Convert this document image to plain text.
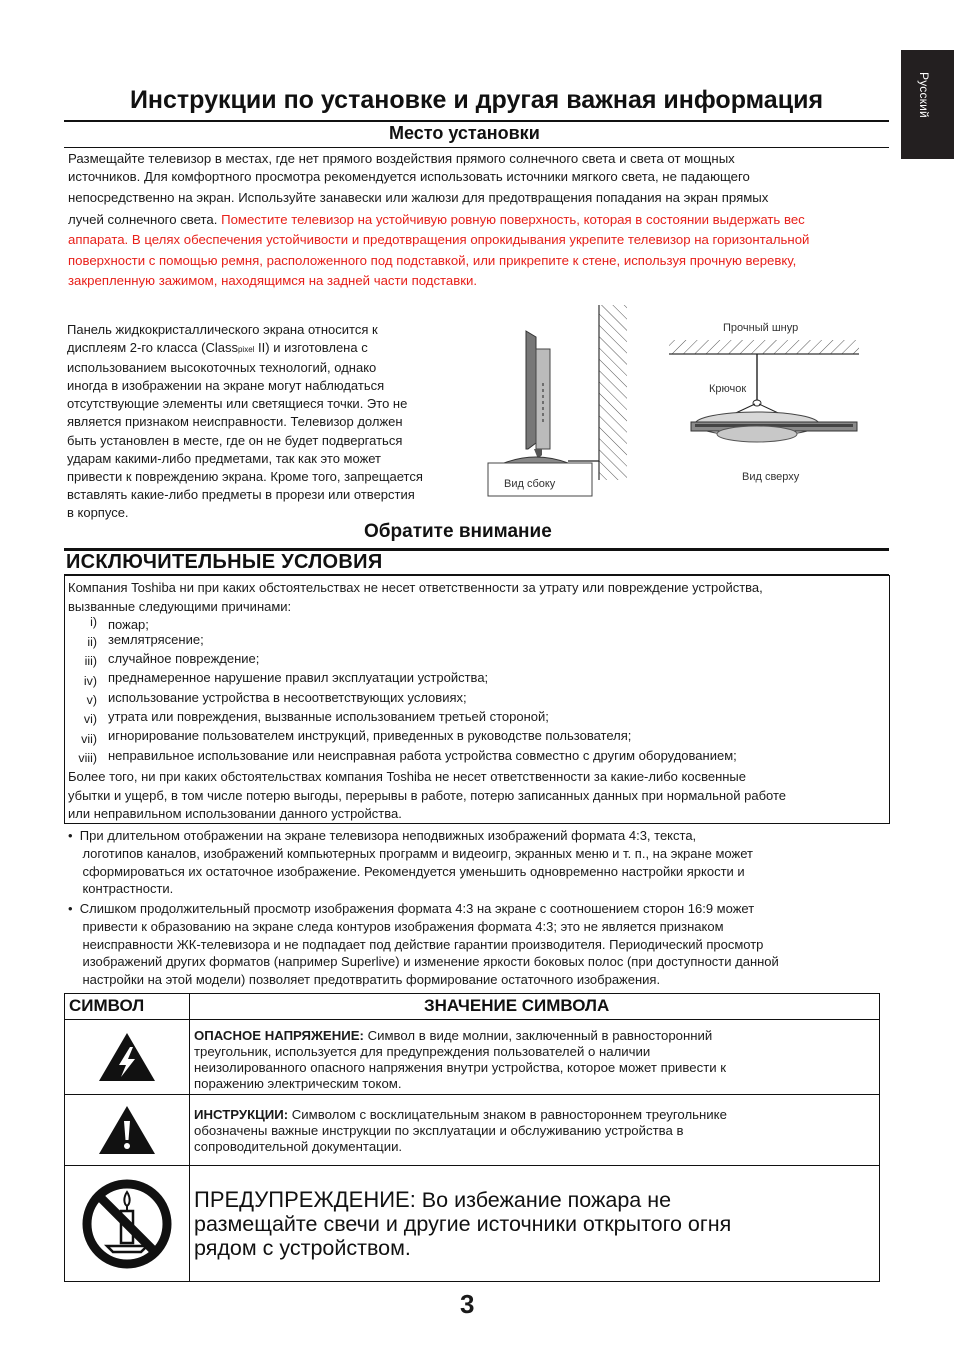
Русский
Инструкции по установке и другая важная информация
Место установки
Размещайте телевизор в местах, где нет прямого воздействия прямого солнечного света и света от мощных
источников. Для комфортного просмотра рекомендуется использовать источники мягкого света, не падающего
непосредственно на экран. Используйте занавески или жалюзи для предотвращения попадания на экран прямых
лучей солнечного света. Поместите телевизор на устойчивую ровную поверхность, которая в состоянии выдержать вес
аппарата. В целях обеспечения устойчивости и предотвращения опрокидывания укрепите телевизор на горизонтальной
поверхности с помощью ремня, расположенного под подставкой, или прикрепите к стене, используя прочную веревку,
закрепленную зажимом, находящимся на задней части подставки.
Панель жидкокристаллического экрана относится к
дисплеям 2-го класса (Classpixel II) и изготовлена с
использованием высокоточных технологий, однако
иногда в изображении на экране могут наблюдаться
отсутствующие элементы или светящиеся точки. Это не
является признаком неисправности. Телевизор должен
быть установлен в месте, где он не будет подвергаться
ударам какими-либо предметами, так как это может
привести к повреждению экрана. Кроме того, запрещается
вставлять какие-либо предметы в прорези или отверстия
в корпусе.
Вид сбоку
Прочный шнур
Крючок
Вид сверху
Обратите внимание
ИСКЛЮЧИТЕЛЬНЫЕ УСЛОВИЯ
Компания Toshiba ни при каких обстоятельствах не несет ответственности за утрату или повреждение устройства,
вызванные следующими причинами:
i) пожар;
ii) землятрясение;
iii) случайное повреждение;
iv) преднамеренное нарушение правил эксплуатации устройства;
v) использование устройства в несоответствующих условиях;
vi) утрата или повреждения, вызванные использованием третьей стороной;
vii) игнорирование пользователем инструкций, приведенных в руководстве пользователя;
viii) неправильное использование или неисправная работа устройства совместно с другим оборудованием;
Более того, ни при каких обстоятельствах компания Toshiba не несет ответственности за какие-либо косвенные
убытки и ущерб, в том числе потерю выгоды, перерывы в работе, потерю записанных данных при нормальной работе
или неправильном использовании данного устройства.
•  При длительном отображении на экране телевизора неподвижных изображений формата 4:3, текста,
логотипов каналов, изображений компьютерных программ и видеоигр, экранных меню и т. п., на экране может
сформироваться их остаточное изображение. Рекомендуется уменьшить одновременно настройки яркости и
контрастности.
•  Слишком продолжительный просмотр изображения формата 4:3 на экране с соотношением сторон 16:9 может
привести к образованию на экране следа контуров изображения формата 4:3; это не является признаком
неисправности ЖК-телевизора и не подпадает под действие гарантии производителя. Периодический просмотр
изображений других форматов (например Superlive) и изменение яркости боковых полос (при доступности данной
настройки на этой модели) позволяет предотвратить формирование остаточного изображения.
СИМВОЛ	ЗНАЧЕНИЕ СИМВОЛА

ОПАСНОЕ НАПРЯЖЕНИЕ: Символ в виде молнии, заключенный в равносторонний
треугольник, используется для предупреждения пользователей о наличии
неизолированного опасного напряжения внутри устройства, которое может привести к
поражению электрическим током.

ИНСТРУКЦИИ: Символом с восклицательным знаком в равностороннем треугольнике
обозначены важные инструкции по эксплуатации и обслуживанию устройства в
сопроводительной документации.

ПРЕДУПРЕЖДЕНИЕ: Во избежание пожара не
размещайте свечи и другие источники открытого огня
рядом с устройством.
3
